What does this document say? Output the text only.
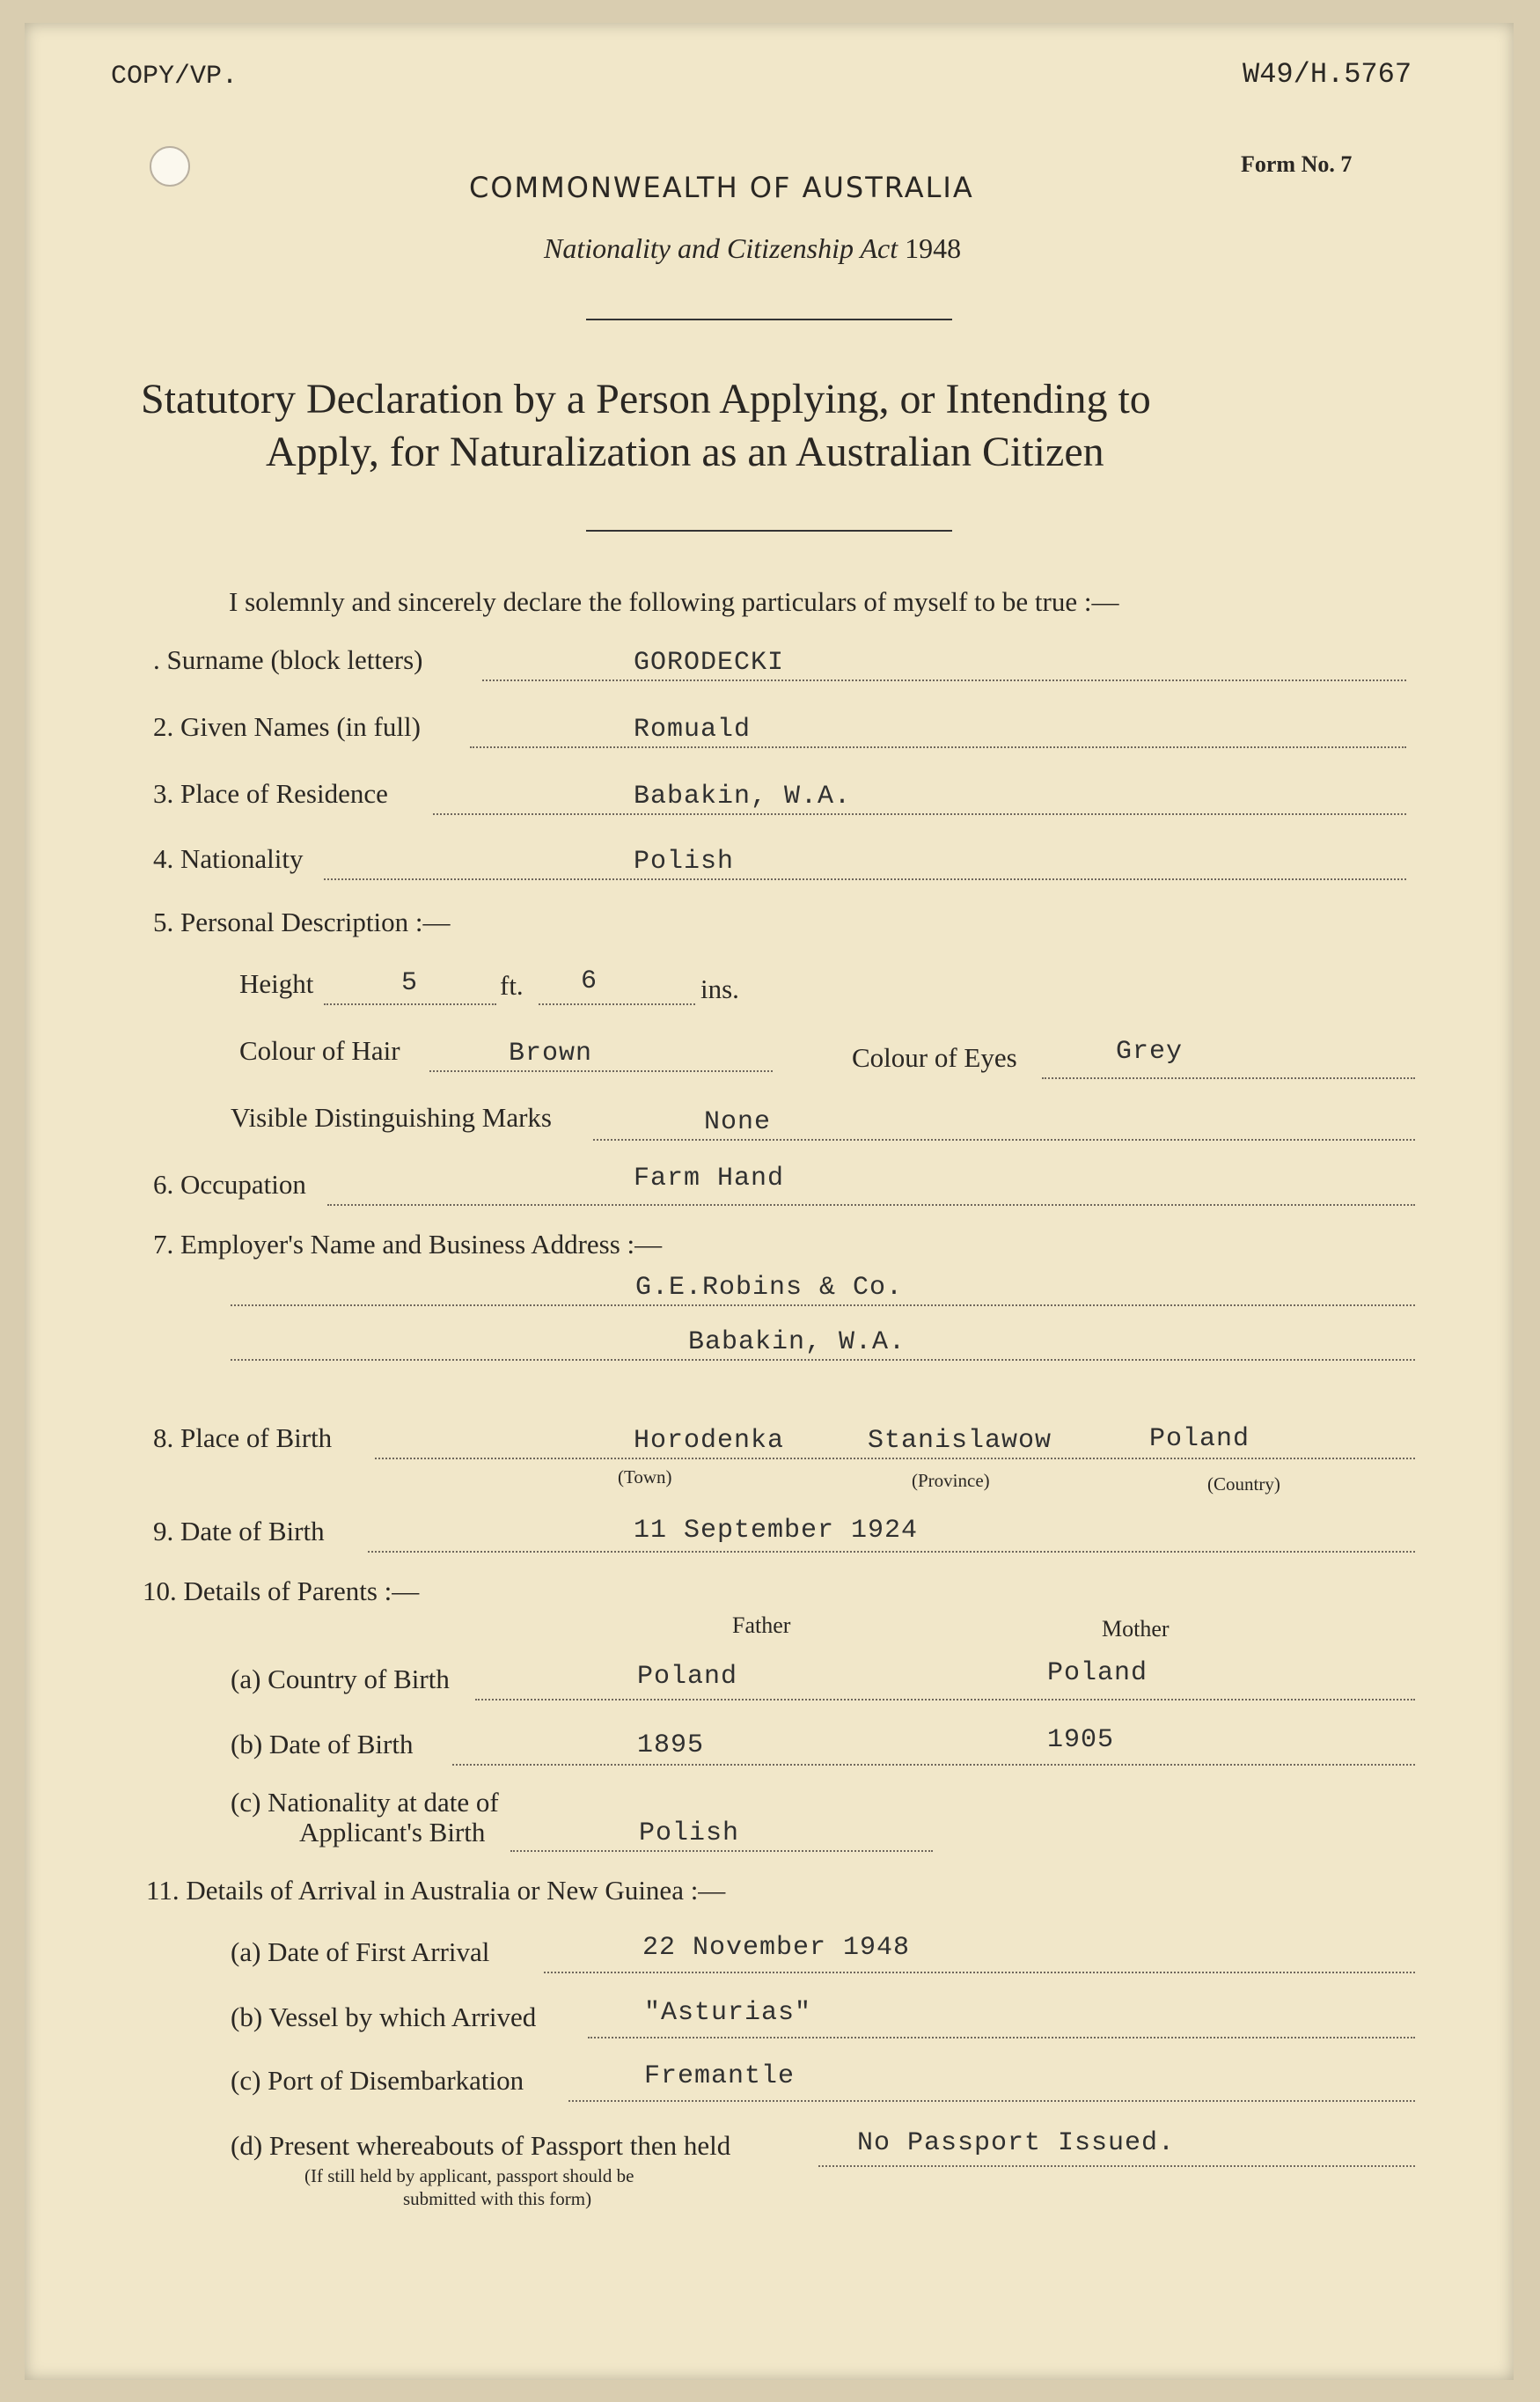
COPY/VP.	W49/H.5767
Form No. 7
COMMONWEALTH OF AUSTRALIA
Nationality and Citizenship Act 1948
Statutory Declaration by a Person Applying, or Intending to
Apply, for Naturalization as an Australian Citizen
I solemnly and sincerely declare the following particulars of myself to be true :—
. Surname (block letters)	GORODECKI
2. Given Names (in full)	Romuald
3. Place of Residence	Babakin, W.A.
4. Nationality	Polish
5. Personal Description :—
Height	5	ft. 6	ins.
Colour of Hair	Brown	Colour of Eyes	Grey
Visible Distinguishing Marks	None
6. Occupation	Farm Hand
7. Employer's Name and Business Address :—
G.E.Robins & Co.
Babakin, W.A.
8. Place of Birth	Horodenka	Stanislawow	Poland
(Town)	(Province)	(Country)
9. Date of Birth	11 September 1924
10. Details of Parents :—
Father	Mother
(a) Country of Birth	Poland	Poland
(b) Date of Birth	1895	1905
(c) Nationality at date of
Applicant's Birth	Polish
11. Details of Arrival in Australia or New Guinea :—
(a) Date of First Arrival	22 November 1948
(b) Vessel by which Arrived	"Asturias"
(c) Port of Disembarkation	Fremantle
(d) Present whereabouts of Passport then held	No Passport Issued.
(If still held by applicant, passport should be
submitted with this form)
